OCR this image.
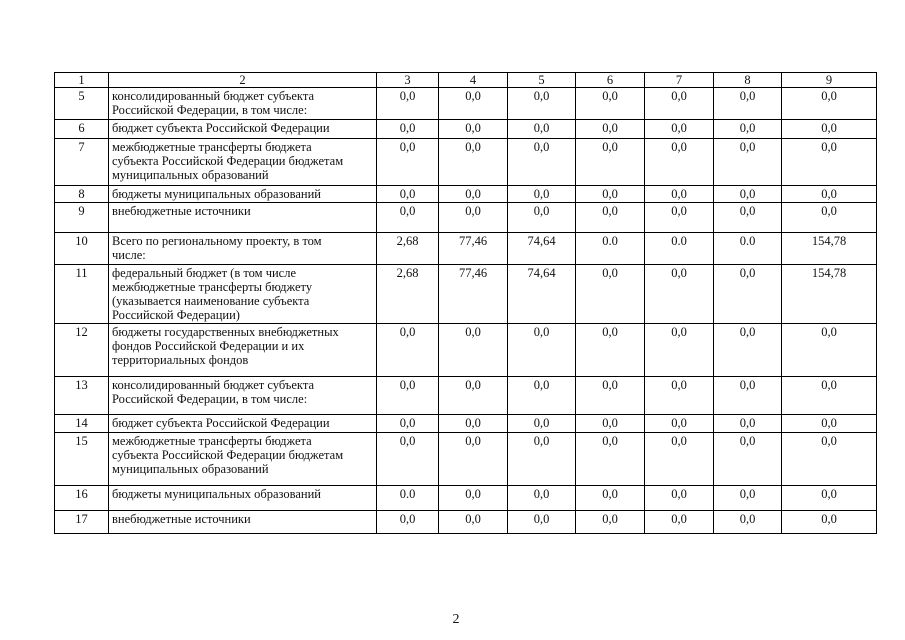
1	2	3	4	5	6	7	8	9
5	консолидированный бюджет субъекта
Российской Федерации, в том числе:	0,0	0,0	0,0	0,0	0,0	0,0	0,0
6	бюджет субъекта Российской Федерации	0,0	0,0	0,0	0,0	0,0	0,0	0,0
7	межбюджетные трансферты бюджета
субъекта Российской Федерации бюджетам
муниципальных образований	0,0	0,0	0,0	0,0	0,0	0,0	0,0
8	бюджеты муниципальных образований	0,0	0,0	0,0	0,0	0,0	0,0	0,0
9	внебюджетные источники	0,0	0,0	0,0	0,0	0,0	0,0	0,0
10	Всего по региональному проекту, в том
числе:	2,68	77,46	74,64	0.0	0.0	0.0	154,78
11	федеральный бюджет (в том числе
межбюджетные трансферты бюджету
(указывается наименование субъекта
Российской Федерации)	2,68	77,46	74,64	0,0	0,0	0,0	154,78
12	бюджеты государственных внебюджетных
фондов Российской Федерации и их
территориальных фондов	0,0	0,0	0,0	0,0	0,0	0,0	0,0
13	консолидированный бюджет субъекта
Российской Федерации, в том числе:	0,0	0,0	0,0	0,0	0,0	0,0	0,0
14	бюджет субъекта Российской Федерации	0,0	0,0	0,0	0,0	0,0	0,0	0,0
15	межбюджетные трансферты бюджета
субъекта Российской Федерации бюджетам
муниципальных образований	0,0	0,0	0,0	0,0	0,0	0,0	0,0
16	бюджеты муниципальных образований	0.0	0,0	0,0	0,0	0,0	0,0	0,0
17	внебюджетные источники	0,0	0,0	0,0	0,0	0,0	0,0	0,0
2
